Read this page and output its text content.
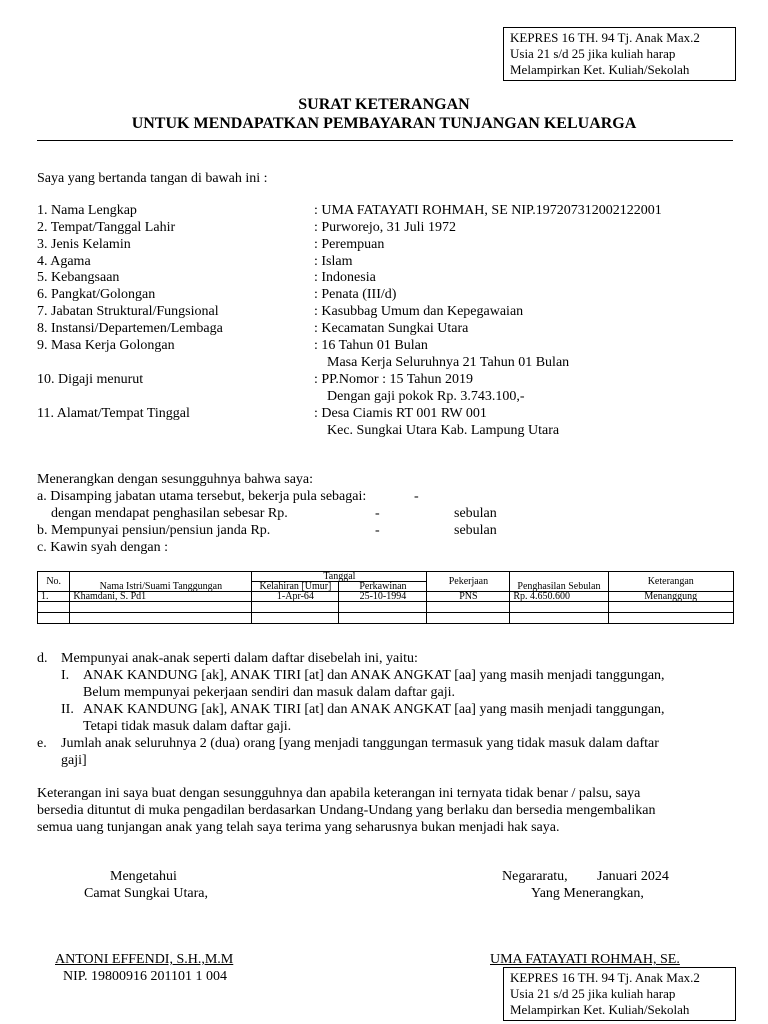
KEPRES 16 TH. 94 Tj. Anak Max.2
Usia 21 s/d 25 jika kuliah harap
Melampirkan Ket. Kuliah/Sekolah
SURAT KETERANGAN
UNTUK MENDAPATKAN PEMBAYARAN TUNJANGAN KELUARGA
Saya yang bertanda tangan di bawah ini :
1. Nama Lengkap	: UMA FATAYATI ROHMAH, SE NIP.197207312002122001
2. Tempat/Tanggal Lahir	: Purworejo, 31 Juli 1972
3. Jenis Kelamin	: Perempuan
4. Agama	: Islam
5. Kebangsaan	: Indonesia
6. Pangkat/Golongan	: Penata (III/d)
7. Jabatan Struktural/Fungsional	: Kasubbag Umum dan Kepegawaian
8. Instansi/Departemen/Lembaga	: Kecamatan Sungkai Utara
9. Masa Kerja Golongan	: 16 Tahun 01 Bulan
Masa Kerja Seluruhnya 21 Tahun 01 Bulan
10. Digaji menurut	: PP.Nomor : 15 Tahun 2019
Dengan gaji pokok Rp. 3.743.100,-
11. Alamat/Tempat Tinggal	: Desa Ciamis RT 001 RW 001
Kec. Sungkai Utara Kab. Lampung Utara
Menerangkan dengan sesungguhnya bahwa saya:
a. Disamping jabatan utama tersebut, bekerja pula sebagai:	-
dengan mendapat penghasilan sebesar Rp.	-	sebulan
b. Mempunyai pensiun/pensiun janda Rp.	-	sebulan
c. Kawin syah dengan :
No.	Nama Istri/Suami Tanggungan	Tanggal		Pekerjaan	Penghasilan Sebulan	Keterangan
		Kelahiran [Umur]	Perkawinan			
1.	Khamdani, S. Pd1	1-Apr-64	25-10-1994	PNS	Rp. 4.650.600	Menanggung

d. Mempunyai anak-anak seperti dalam daftar disebelah ini, yaitu:
I. ANAK KANDUNG [ak], ANAK TIRI [at] dan ANAK ANGKAT [aa] yang masih menjadi tanggungan,
Belum mempunyai pekerjaan sendiri dan masuk dalam daftar gaji.
II. ANAK KANDUNG [ak], ANAK TIRI [at] dan ANAK ANGKAT [aa] yang masih menjadi tanggungan,
Tetapi tidak masuk dalam daftar gaji.
e. Jumlah anak seluruhnya 2 (dua) orang [yang menjadi tanggungan termasuk yang tidak masuk dalam daftar
gaji]
Keterangan ini saya buat dengan sesungguhnya dan apabila keterangan ini ternyata tidak benar / palsu, saya
bersedia dituntut di muka pengadilan berdasarkan Undang-Undang yang berlaku dan bersedia mengembalikan
semua uang tunjangan anak yang telah saya terima yang seharusnya bukan menjadi hak saya.
Mengetahui
Camat Sungkai Utara,
ANTONI EFFENDI, S.H.,M.M
NIP. 19800916 201101 1 004
Negararatu, Januari 2024
Yang Menerangkan,
UMA FATAYATI ROHMAH, SE.
KEPRES 16 TH. 94 Tj. Anak Max.2
Usia 21 s/d 25 jika kuliah harap
Melampirkan Ket. Kuliah/Sekolah
